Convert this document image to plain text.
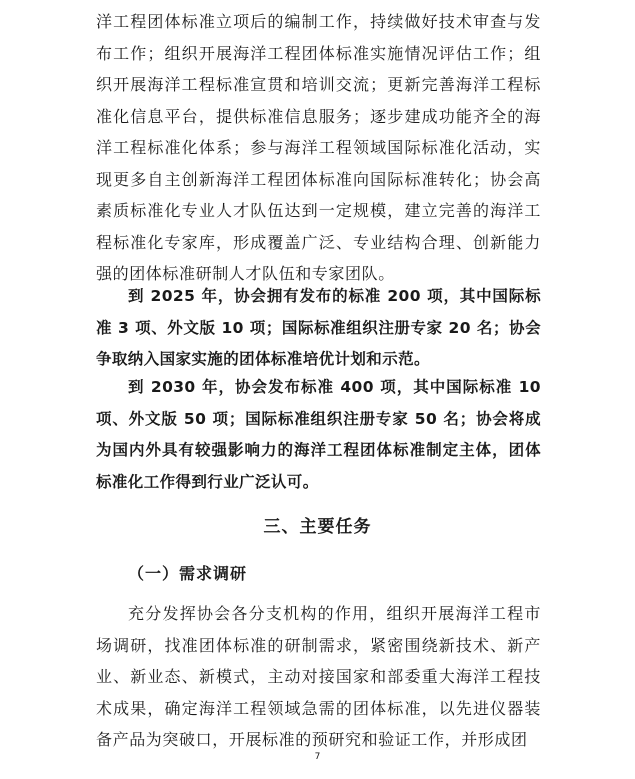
洋工程团体标准立项后的编制工作，持续做好技术审查与发布工作；组织开展海洋工程团体标准实施情况评估工作；组织开展海洋工程标准宣贯和培训交流；更新完善海洋工程标准化信息平台，提供标准信息服务；逐步建成功能齐全的海洋工程标准化体系；参与海洋工程领域国际标准化活动，实现更多自主创新海洋工程团体标准向国际标准转化；协会高素质标准化专业人才队伍达到一定规模，建立完善的海洋工程标准化专家库，形成覆盖广泛、专业结构合理、创新能力强的团体标准研制人才队伍和专家团队。

到 2025 年，协会拥有发布的标准 200 项，其中国际标准 3 项、外文版 10 项；国际标准组织注册专家 20 名；协会争取纳入国家实施的团体标准培优计划和示范。

到 2030 年，协会发布标准 400 项，其中国际标准 10 项、外文版 50 项；国际标准组织注册专家 50 名；协会将成为国内外具有较强影响力的海洋工程团体标准制定主体，团体标准化工作得到行业广泛认可。

三、主要任务
（一）需求调研

充分发挥协会各分支机构的作用，组织开展海洋工程市场调研，找准团体标准的研制需求，紧密围绕新技术、新产业、新业态、新模式，主动对接国家和部委重大海洋工程技术成果，确定海洋工程领域急需的团体标准，以先进仪器装备产品为突破口，开展标准的预研究和验证工作，并形成团

7
